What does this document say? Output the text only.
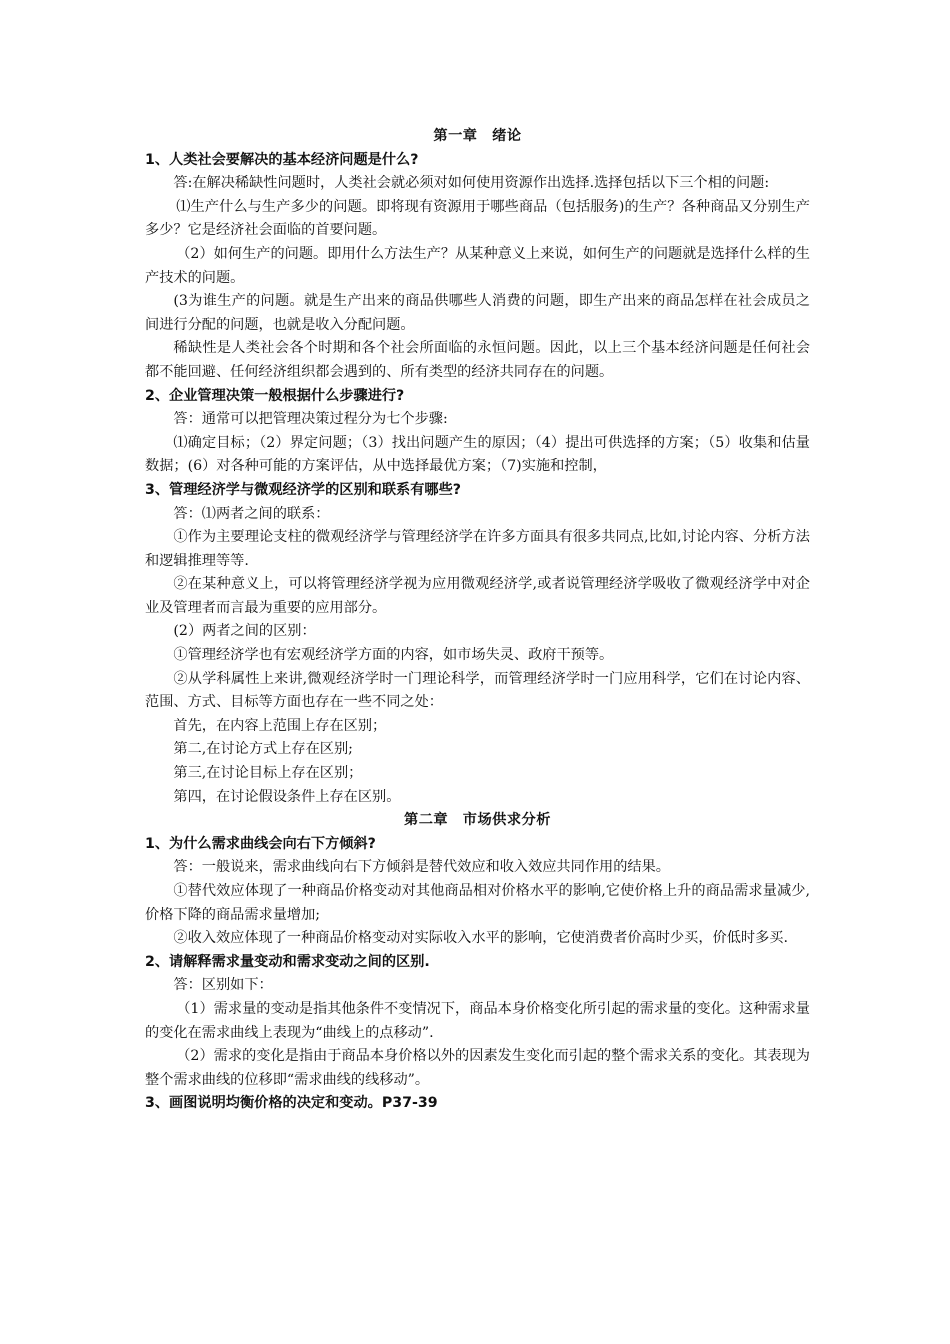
第一章　绪论
1、人类社会要解决的基本经济问题是什么?
答:在解决稀缺性问题时，人类社会就必须对如何使用资源作出选择.选择包括以下三个相的问题:
⑴生产什么与生产多少的问题。即将现有资源用于哪些商品（包括服务)的生产？各种商品又分别生产多少？它是经济社会面临的首要问题。
（2）如何生产的问题。即用什么方法生产？从某种意义上来说，如何生产的问题就是选择什么样的生产技术的问题。
(3为谁生产的问题。就是生产出来的商品供哪些人消费的问题，即生产出来的商品怎样在社会成员之间进行分配的问题，也就是收入分配问题。
稀缺性是人类社会各个时期和各个社会所面临的永恒问题。因此，以上三个基本经济问题是任何社会都不能回避、任何经济组织都会遇到的、所有类型的经济共同存在的问题。
2、企业管理决策一般根据什么步骤进行?
答：通常可以把管理决策过程分为七个步骤:
⑴确定目标；（2）界定问题；（3）找出问题产生的原因；（4）提出可供选择的方案；（5）收集和估量数据；(6）对各种可能的方案评估，从中选择最优方案；（7)实施和控制，
3、管理经济学与微观经济学的区别和联系有哪些?
答：⑴两者之间的联系：
①作为主要理论支柱的微观经济学与管理经济学在许多方面具有很多共同点,比如,讨论内容、分析方法和逻辑推理等等.
②在某种意义上，可以将管理经济学视为应用微观经济学,或者说管理经济学吸收了微观经济学中对企业及管理者而言最为重要的应用部分。
(2）两者之间的区别：
①管理经济学也有宏观经济学方面的内容，如市场失灵、政府干预等。
②从学科属性上来讲,微观经济学时一门理论科学，而管理经济学时一门应用科学，它们在讨论内容、范围、方式、目标等方面也存在一些不同之处：
首先，在内容上范围上存在区别；
第二,在讨论方式上存在区别;
第三,在讨论目标上存在区别；
第四，在讨论假设条件上存在区别。
第二章　市场供求分析
1、为什么需求曲线会向右下方倾斜?
答：一般说来，需求曲线向右下方倾斜是替代效应和收入效应共同作用的结果。
①替代效应体现了一种商品价格变动对其他商品相对价格水平的影响,它使价格上升的商品需求量减少,价格下降的商品需求量增加;
②收入效应体现了一种商品价格变动对实际收入水平的影响，它使消费者价高时少买，价低时多买.
2、请解释需求量变动和需求变动之间的区别.
答：区别如下：
（1）需求量的变动是指其他条件不变情况下，商品本身价格变化所引起的需求量的变化。这种需求量的变化在需求曲线上表现为“曲线上的点移动”.
（2）需求的变化是指由于商品本身价格以外的因素发生变化而引起的整个需求关系的变化。其表现为整个需求曲线的位移即“需求曲线的线移动”。
3、画图说明均衡价格的决定和变动。P37-39
